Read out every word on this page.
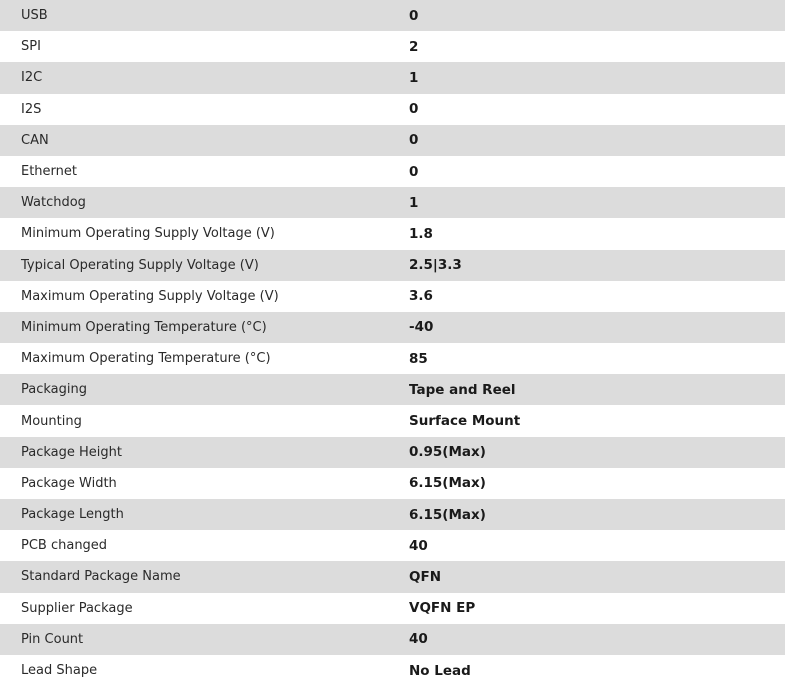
USB	0
SPI	2
I2C	1
I2S	0
CAN	0
Ethernet	0
Watchdog	1
Minimum Operating Supply Voltage (V)	1.8
Typical Operating Supply Voltage (V)	2.5|3.3
Maximum Operating Supply Voltage (V)	3.6
Minimum Operating Temperature (°C)	-40
Maximum Operating Temperature (°C)	85
Packaging	Tape and Reel
Mounting	Surface Mount
Package Height	0.95(Max)
Package Width	6.15(Max)
Package Length	6.15(Max)
PCB changed	40
Standard Package Name	QFN
Supplier Package	VQFN EP
Pin Count	40
Lead Shape	No Lead
